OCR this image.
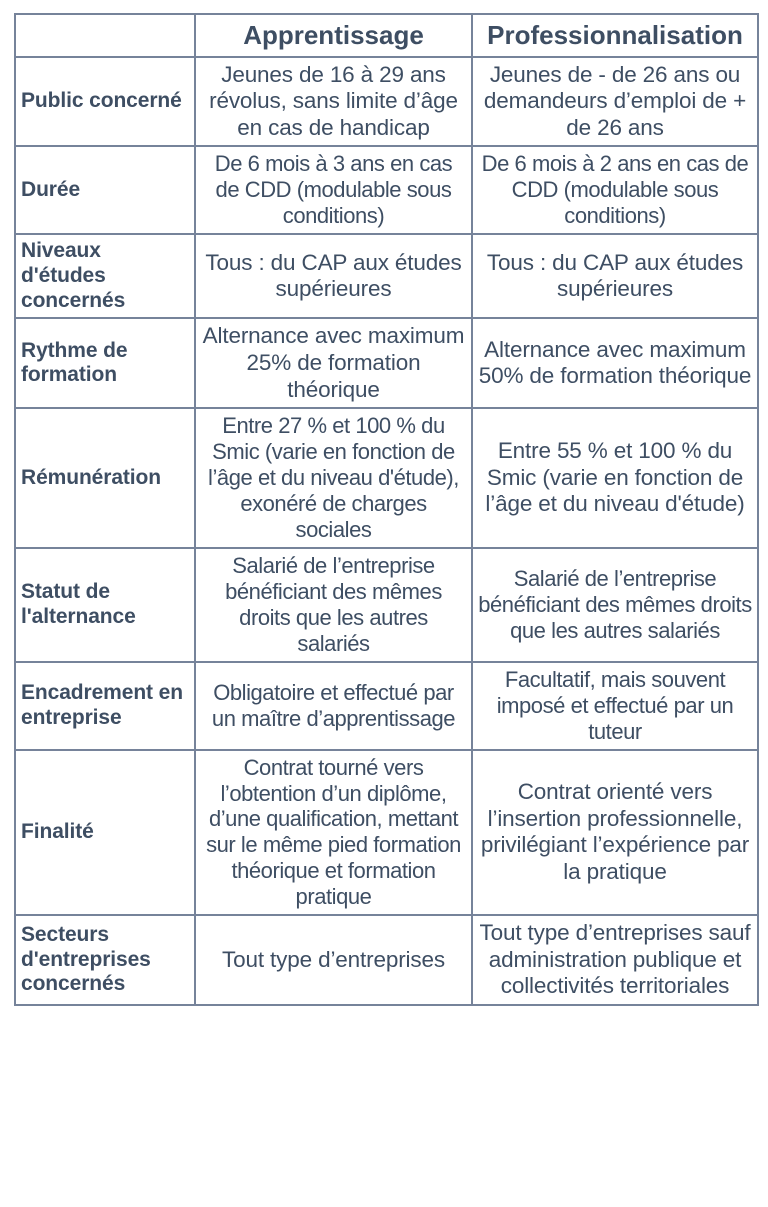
	Apprentissage	Professionnalisation
Public concerné	Jeunes de 16 à 29 ans révolus, sans limite d’âge en cas de handicap	Jeunes de - de 26 ans ou demandeurs d’emploi de + de 26 ans
Durée	De 6 mois à 3 ans en cas de CDD (modulable sous conditions)	De 6 mois à 2 ans en cas de CDD (modulable sous conditions)
Niveaux d'études concernés	Tous : du CAP aux études supérieures	Tous : du CAP aux études supérieures
Rythme de formation	Alternance avec maximum 25% de formation théorique	Alternance avec maximum 50% de formation théorique
Rémunération	Entre 27 % et 100 % du Smic (varie en fonction de l’âge et du niveau d'étude), exonéré de charges sociales	Entre 55 % et 100 % du Smic (varie en fonction de l’âge et du niveau d'étude)
Statut de l'alternance	Salarié de l’entreprise bénéficiant des mêmes droits que les autres salariés	Salarié de l’entreprise bénéficiant des mêmes droits que les autres salariés
Encadrement en entreprise	Obligatoire et effectué par un maître d’apprentissage	Facultatif, mais souvent imposé et effectué par un tuteur
Finalité	Contrat tourné vers l’obtention d’un diplôme, d’une qualification, mettant sur le même pied formation théorique et formation pratique	Contrat orienté vers l’insertion professionnelle, privilégiant l’expérience par la pratique
Secteurs d'entreprises concernés	Tout type d’entreprises	Tout type d’entreprises sauf administration publique et collectivités territoriales
